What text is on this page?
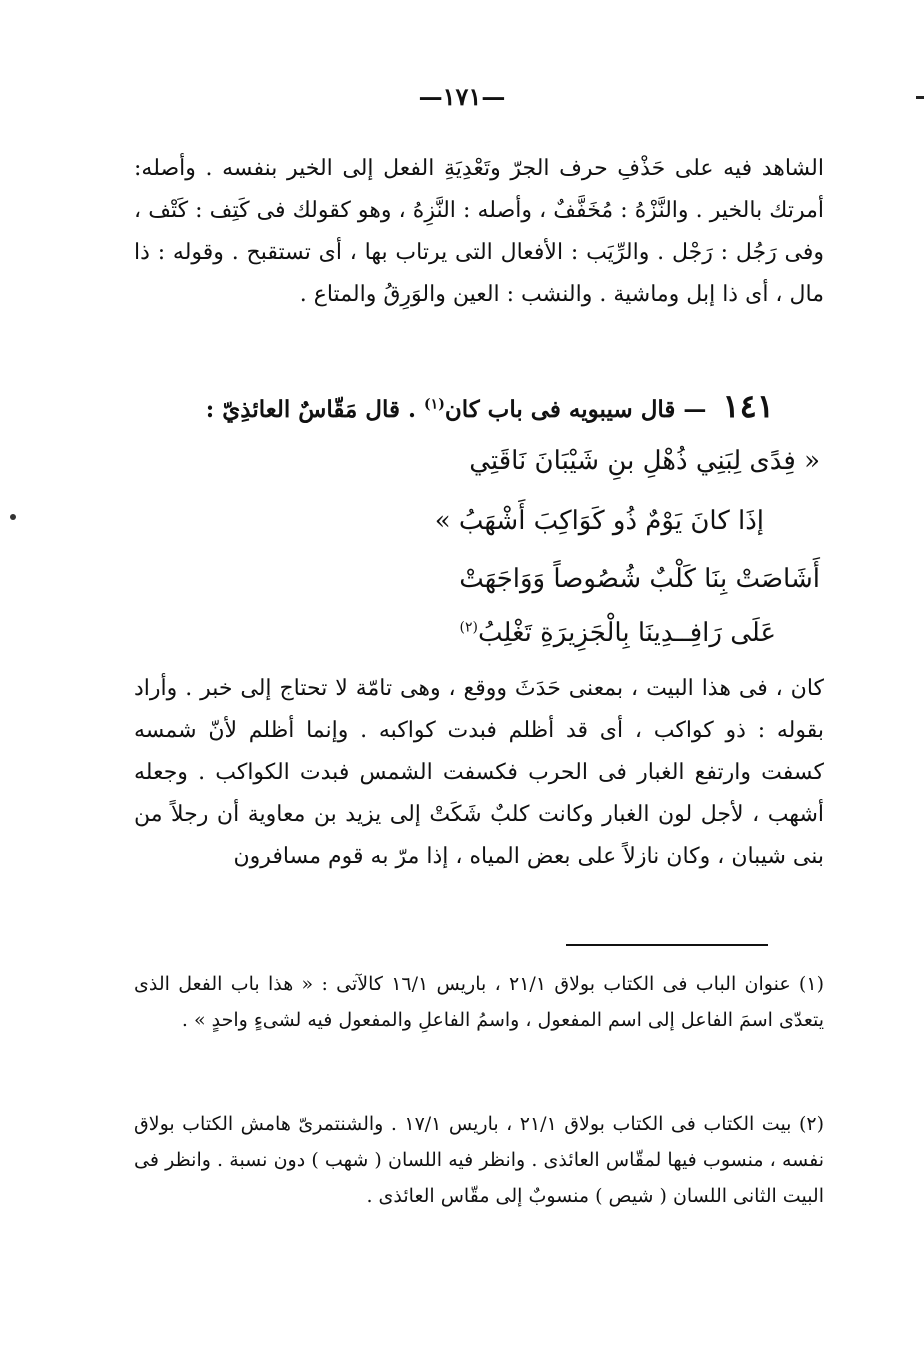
—١٧١—

الشاهد فيه على حَذْفِ حرف الجرّ وتَعْدِيَةِ الفعل إلى الخير بنفسه . وأصله: أمرتك بالخير . والنَّزْهُ : مُخَفَّفٌ ، وأصله : النَّزِهُ ، وهو كقولك فى كَتِف : كَتْف ، وفى رَجُل : رَجْل . والرِّيَب : الأفعال التى يرتاب بها ، أى تستقبح . وقوله : ذا مال ، أى ذا إبل وماشية . والنشب : العين والوَرِقُ والمتاع .

١٤١ — قال سيبويه فى باب كان$^{(١)}$ . قال مَقّاسٌ العائذِيّ :
« فِدًى لِبَنِي ذُهْلِ بنِ شَيْبَانَ نَاقَتِي
إذَا كانَ يَوْمٌ ذُو كَوَاكِبَ أَشْهَبُ »
أَشَاصَتْ بِنَا كَلْبٌ شُصُوصاً وَوَاجَهَتْ
عَلَى رَافِــدِينَا بِالْجَزِيرَةِ تَغْلِبُ$^{(٢)}$

كان ، فى هذا البيت ، بمعنى حَدَثَ ووقع ، وهى تامّة لا تحتاج إلى خبر . وأراد بقوله : ذو كواكب ، أى قد أظلم فبدت كواكبه . وإنما أظلم لأنّ شمسه كسفت وارتفع الغبار فى الحرب فكسفت الشمس فبدت الكواكب . وجعله أشهب ، لأجل لون الغبار وكانت كلبٌ شَكَتْ إلى يزيد بن معاوية أن رجلاً من بنى شيبان ، وكان نازلاً على بعض المياه ، إذا مرّ به قوم مسافرون

(١) عنوان الباب فى الكتاب بولاق ٢١/١ ، باريس ١٦/١ كالآتى : « هذا باب الفعل الذى يتعدّى اسمَ الفاعل إلى اسم المفعول ، واسمُ الفاعلِ والمفعول فيه لشىءٍ واحدٍ » .

(٢) بيت الكتاب فى الكتاب بولاق ٢١/١ ، باريس ١٧/١ . والشنتمرىّ هامش الكتاب بولاق نفسه ، منسوب فيها لمقّاس العائذى . وانظر فيه اللسان ( شهب ) دون نسبة . وانظر فى البيت الثانى اللسان ( شيص ) منسوبٌ إلى مقّاس العائذى .
